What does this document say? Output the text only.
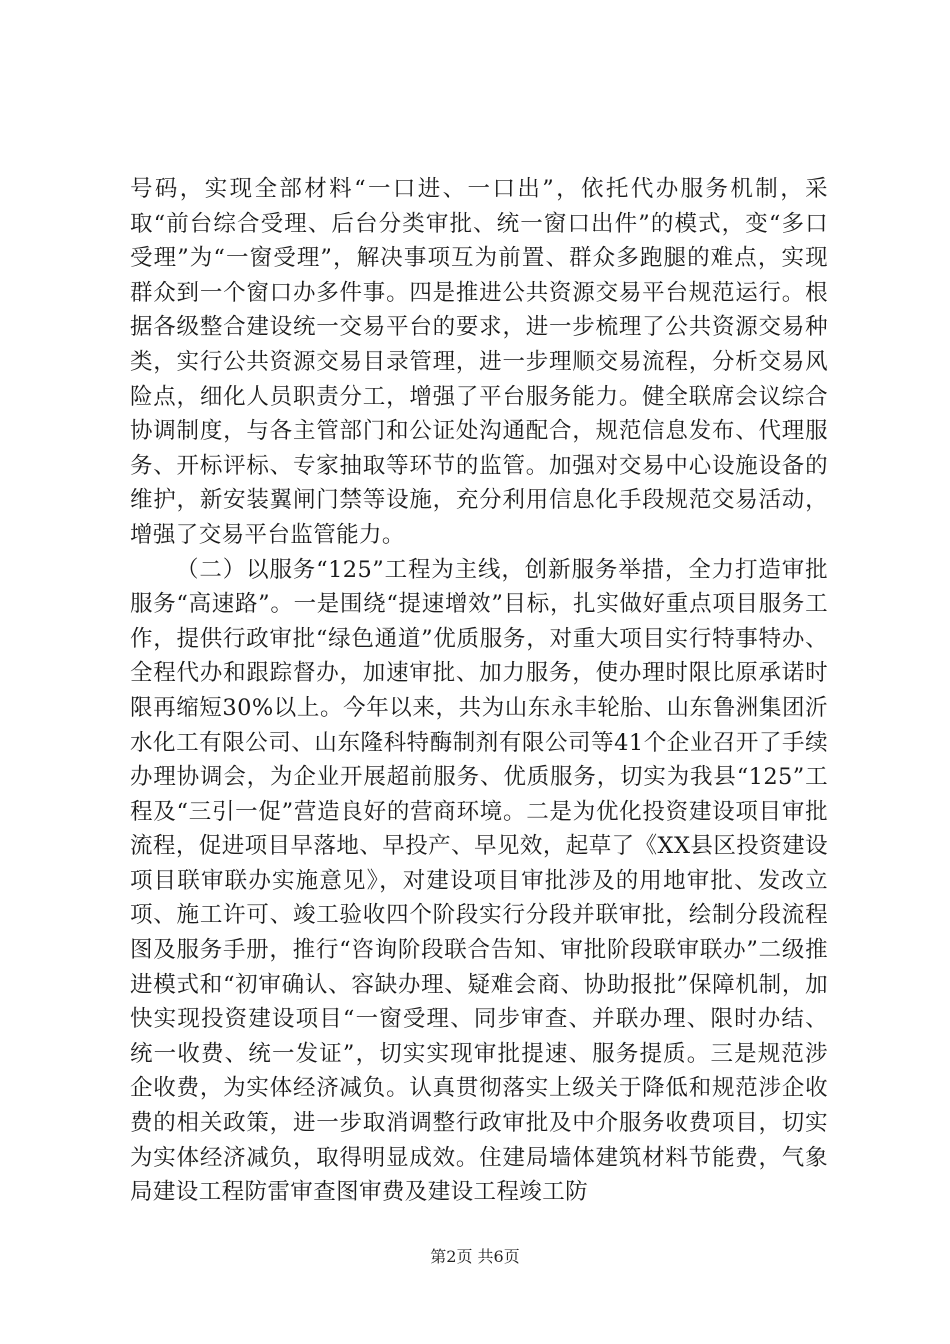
号码，实现全部材料“一口进、一口出”，依托代办服务机制，采取“前台综合受理、后台分类审批、统一窗口出件”的模式，变“多口受理”为“一窗受理”，解决事项互为前置、群众多跑腿的难点，实现群众到一个窗口办多件事。四是推进公共资源交易平台规范运行。根据各级整合建设统一交易平台的要求，进一步梳理了公共资源交易种类，实行公共资源交易目录管理，进一步理顺交易流程，分析交易风险点，细化人员职责分工，增强了平台服务能力。健全联席会议综合协调制度，与各主管部门和公证处沟通配合，规范信息发布、代理服务、开标评标、专家抽取等环节的监管。加强对交易中心设施设备的维护，新安装翼闸门禁等设施，充分利用信息化手段规范交易活动，增强了交易平台监管能力。

（二）以服务“125”工程为主线，创新服务举措，全力打造审批服务“高速路”。一是围绕“提速增效”目标，扎实做好重点项目服务工作，提供行政审批“绿色通道”优质服务，对重大项目实行特事特办、全程代办和跟踪督办，加速审批、加力服务，使办理时限比原承诺时限再缩短30%以上。今年以来，共为山东永丰轮胎、山东鲁洲集团沂水化工有限公司、山东隆科特酶制剂有限公司等41个企业召开了手续办理协调会，为企业开展超前服务、优质服务，切实为我县“125”工程及“三引一促”营造良好的营商环境。二是为优化投资建设项目审批流程，促进项目早落地、早投产、早见效，起草了《XX县区投资建设项目联审联办实施意见》，对建设项目审批涉及的用地审批、发改立项、施工许可、竣工验收四个阶段实行分段并联审批，绘制分段流程图及服务手册，推行“咨询阶段联合告知、审批阶段联审联办”二级推进模式和“初审确认、容缺办理、疑难会商、协助报批”保障机制，加快实现投资建设项目“一窗受理、同步审查、并联办理、限时办结、统一收费、统一发证”，切实实现审批提速、服务提质。三是规范涉企收费，为实体经济减负。认真贯彻落实上级关于降低和规范涉企收费的相关政策，进一步取消调整行政审批及中介服务收费项目，切实为实体经济减负，取得明显成效。住建局墙体建筑材料节能费，气象局建设工程防雷审查图审费及建设工程竣工防

第2页 共6页
